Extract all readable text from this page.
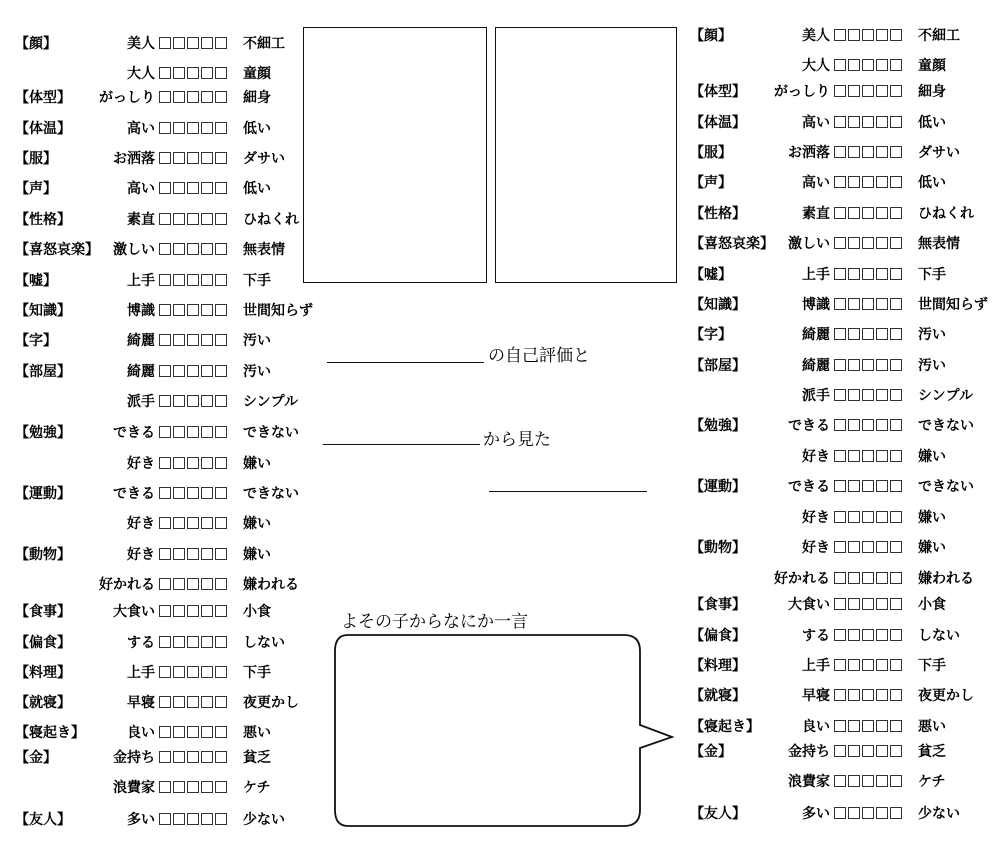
の自己評価と
から見た
よその子からなにか一言
【顔】	美人	不細工
大人	童顔
【体型】	がっしり	細身
【体温】	高い	低い
【服】	お洒落	ダサい
【声】	高い	低い
【性格】	素直	ひねくれ
【喜怒哀楽】	激しい	無表情
【嘘】	上手	下手
【知識】	博識	世間知らず
【字】	綺麗	汚い
【部屋】	綺麗	汚い
派手	シンプル
【勉強】	できる	できない
好き	嫌い
【運動】	できる	できない
好き	嫌い
【動物】	好き	嫌い
好かれる	嫌われる
【食事】	大食い	小食
【偏食】	する	しない
【料理】	上手	下手
【就寝】	早寝	夜更かし
【寝起き】	良い	悪い
【金】	金持ち	貧乏
浪費家	ケチ
【友人】	多い	少ない
【顔】	美人	不細工
大人	童顔
【体型】	がっしり	細身
【体温】	高い	低い
【服】	お洒落	ダサい
【声】	高い	低い
【性格】	素直	ひねくれ
【喜怒哀楽】	激しい	無表情
【嘘】	上手	下手
【知識】	博識	世間知らず
【字】	綺麗	汚い
【部屋】	綺麗	汚い
派手	シンプル
【勉強】	できる	できない
好き	嫌い
【運動】	できる	できない
好き	嫌い
【動物】	好き	嫌い
好かれる	嫌われる
【食事】	大食い	小食
【偏食】	する	しない
【料理】	上手	下手
【就寝】	早寝	夜更かし
【寝起き】	良い	悪い
【金】	金持ち	貧乏
浪費家	ケチ
【友人】	多い	少ない
